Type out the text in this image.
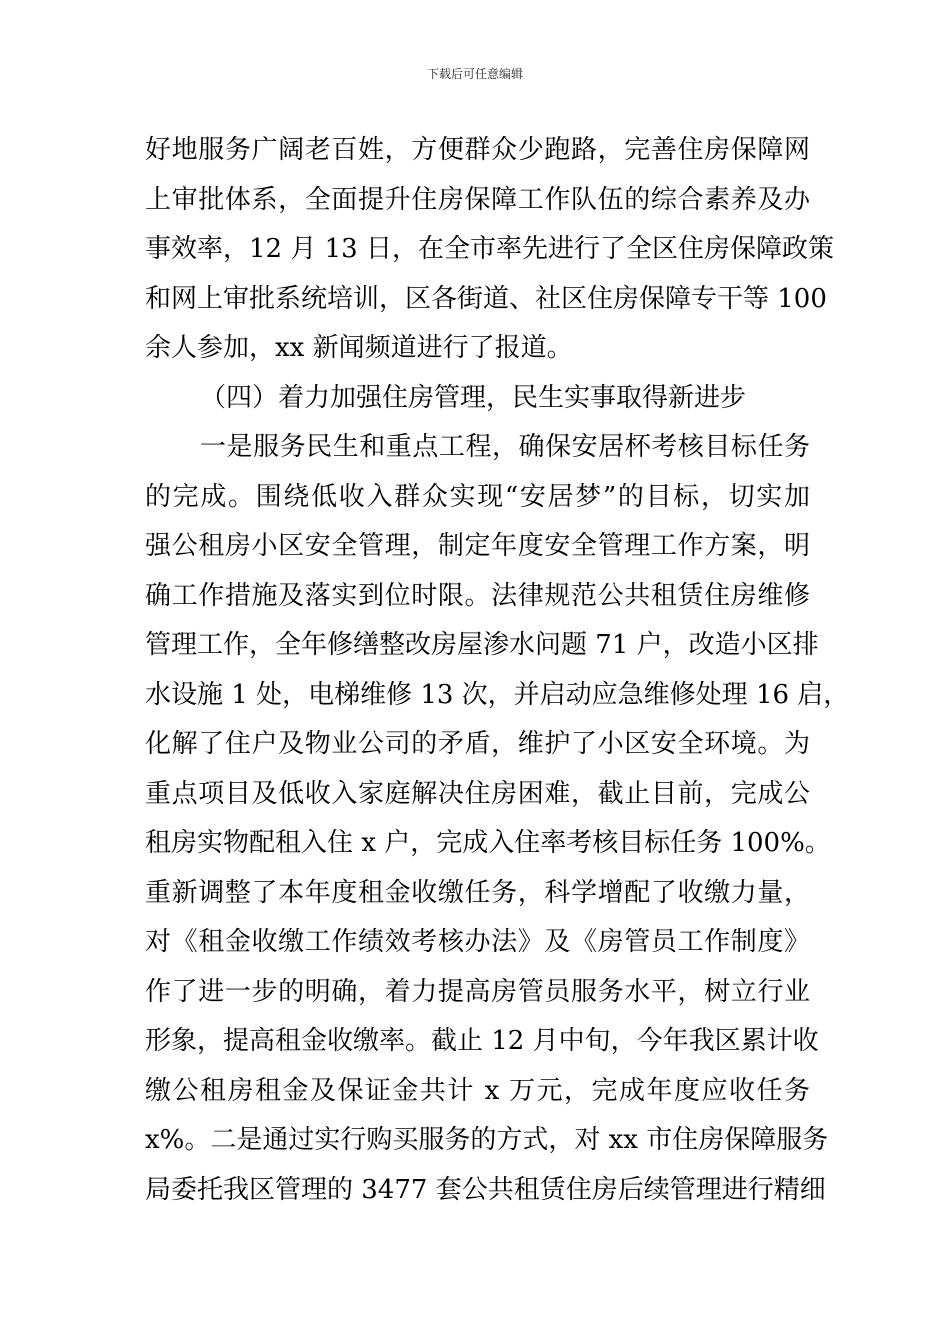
下载后可任意编辑
好地服务广阔老百姓，方便群众少跑路，完善住房保障网
上审批体系，全面提升住房保障工作队伍的综合素养及办
事效率，12 月 13 日，在全市率先进行了全区住房保障政策
和网上审批系统培训，区各街道、社区住房保障专干等 100
余人参加，xx 新闻频道进行了报道。
（四）着力加强住房管理，民生实事取得新进步
一是服务民生和重点工程，确保安居杯考核目标任务
的完成。围绕低收入群众实现“安居梦”的目标，切实加
强公租房小区安全管理，制定年度安全管理工作方案，明
确工作措施及落实到位时限。法律规范公共租赁住房维修
管理工作，全年修缮整改房屋渗水问题 71 户，改造小区排
水设施 1 处，电梯维修 13 次，并启动应急维修处理 16 启，
化解了住户及物业公司的矛盾，维护了小区安全环境。为
重点项目及低收入家庭解决住房困难，截止目前，完成公
租房实物配租入住 x 户，完成入住率考核目标任务 100%。
重新调整了本年度租金收缴任务，科学增配了收缴力量，
对《租金收缴工作绩效考核办法》及《房管员工作制度》
作了进一步的明确，着力提高房管员服务水平，树立行业
形象，提高租金收缴率。截止 12 月中旬，今年我区累计收
缴公租房租金及保证金共计 x 万元，完成年度应收任务
x%。二是通过实行购买服务的方式，对 xx 市住房保障服务
局委托我区管理的 3477 套公共租赁住房后续管理进行精细
